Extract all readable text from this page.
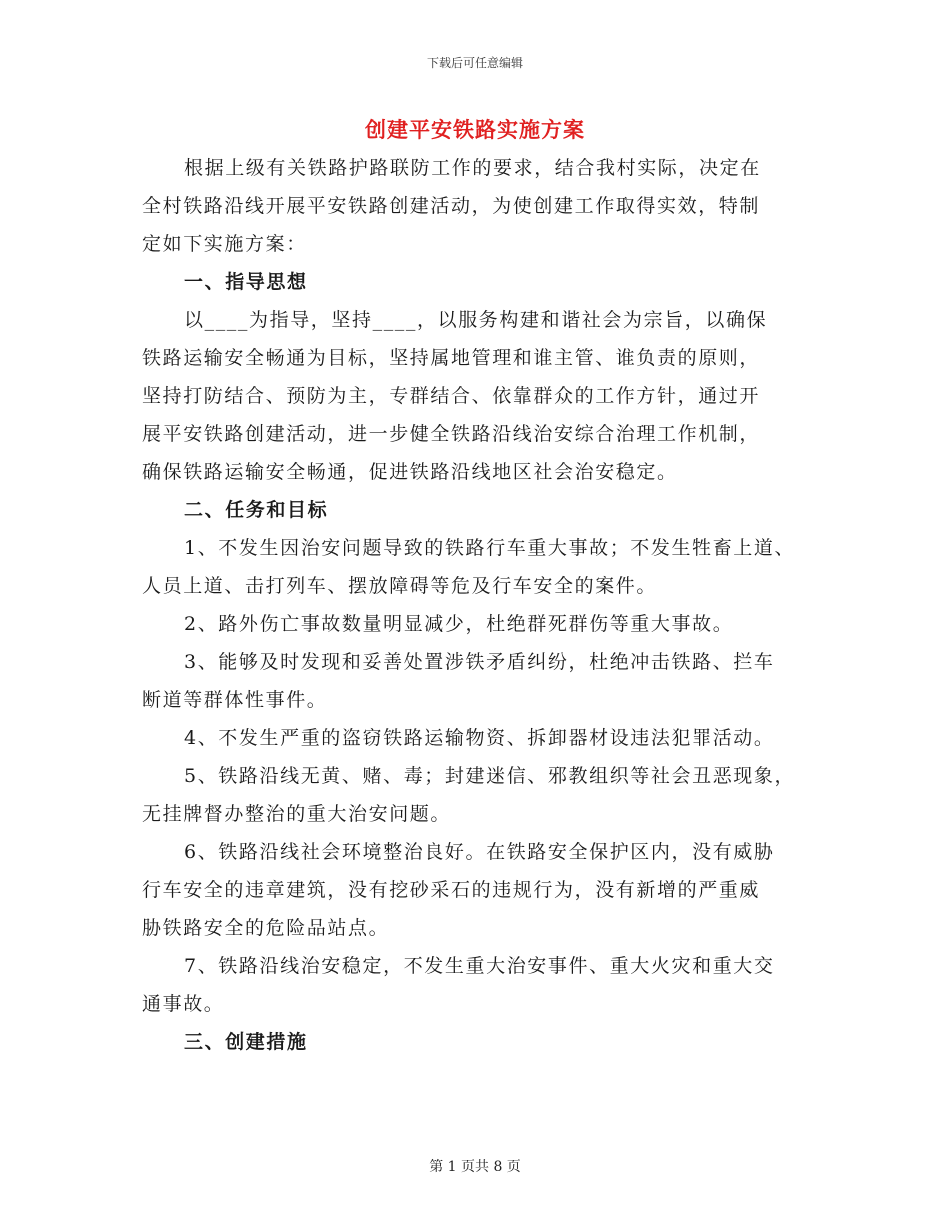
下载后可任意编辑
创建平安铁路实施方案
根据上级有关铁路护路联防工作的要求，结合我村实际，决定在
全村铁路沿线开展平安铁路创建活动，为使创建工作取得实效，特制
定如下实施方案：
一、指导思想
以____为指导，坚持____，以服务构建和谐社会为宗旨，以确保
铁路运输安全畅通为目标，坚持属地管理和谁主管、谁负责的原则，
坚持打防结合、预防为主，专群结合、依靠群众的工作方针，通过开
展平安铁路创建活动，进一步健全铁路沿线治安综合治理工作机制，
确保铁路运输安全畅通，促进铁路沿线地区社会治安稳定。
二、任务和目标
1、不发生因治安问题导致的铁路行车重大事故；不发生牲畜上道、
人员上道、击打列车、摆放障碍等危及行车安全的案件。
2、路外伤亡事故数量明显减少，杜绝群死群伤等重大事故。
3、能够及时发现和妥善处置涉铁矛盾纠纷，杜绝冲击铁路、拦车
断道等群体性事件。
4、不发生严重的盗窃铁路运输物资、拆卸器材设违法犯罪活动。
5、铁路沿线无黄、赌、毒；封建迷信、邪教组织等社会丑恶现象，
无挂牌督办整治的重大治安问题。
6、铁路沿线社会环境整治良好。在铁路安全保护区内，没有威胁
行车安全的违章建筑，没有挖砂采石的违规行为，没有新增的严重威
胁铁路安全的危险品站点。
7、铁路沿线治安稳定，不发生重大治安事件、重大火灾和重大交
通事故。
三、创建措施
第 1 页共 8 页
